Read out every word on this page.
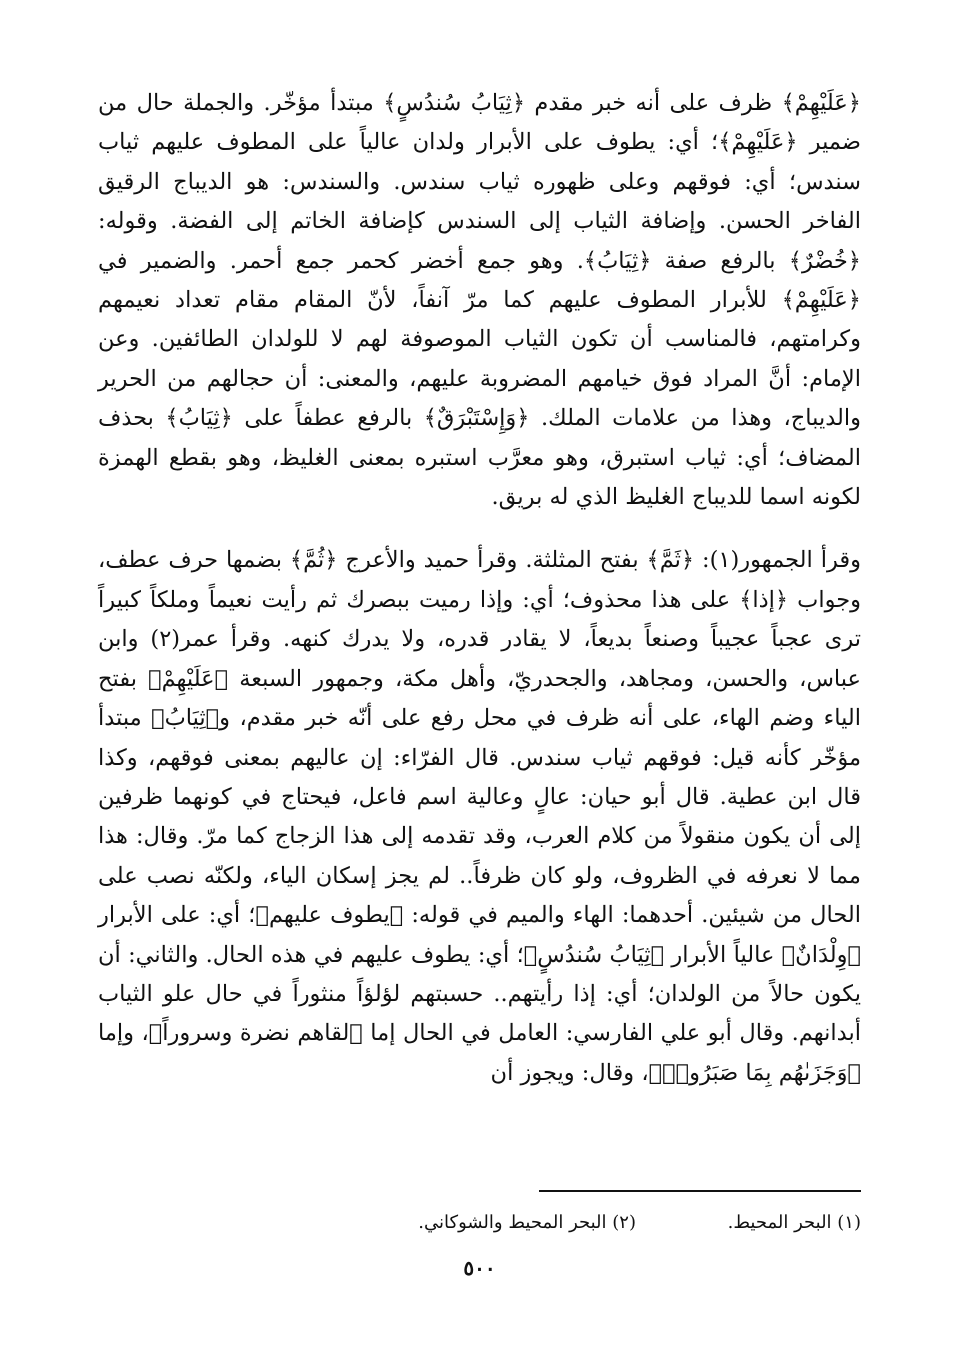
﴿عَلَيْهِمْ﴾ ظرف على أنه خبر مقدم ﴿ثِيَابُ سُندُسٍ﴾ مبتدأ مؤخّر. والجملة حال من ضمير ﴿عَلَيْهِمْ﴾؛ أي: يطوف على الأبرار ولدان عالياً على المطوف عليهم ثياب سندس؛ أي: فوقهم وعلى ظهوره ثياب سندس. والسندس: هو الديباج الرقيق الفاخر الحسن. وإضافة الثياب إلى السندس كإضافة الخاتم إلى الفضة. وقوله: ﴿خُضْرٌ﴾ بالرفع صفة ﴿ثِيَابُ﴾. وهو جمع أخضر كحمر جمع أحمر. والضمير في ﴿عَلَيْهِمْ﴾ للأبرار المطوف عليهم كما مرّ آنفاً، لأنّ المقام مقام تعداد نعيمهم وكرامتهم، فالمناسب أن تكون الثياب الموصوفة لهم لا للولدان الطائفين. وعن الإمام: أنَّ المراد فوق خيامهم المضروبة عليهم، والمعنى: أن حجالهم من الحرير والديباج، وهذا من علامات الملك. ﴿وَإِسْتَبْرَقٌ﴾ بالرفع عطفاً على ﴿ثِيَابُ﴾ بحذف المضاف؛ أي: ثياب استبرق، وهو معرَّب استبره بمعنى الغليظ، وهو بقطع الهمزة لكونه اسما للديباج الغليظ الذي له بريق.

وقرأ الجمهور(١): ﴿ثَمَّ﴾ بفتح المثلثة. وقرأ حميد والأعرج ﴿ثُمَّ﴾ بضمها حرف عطف، وجواب ﴿إذا﴾ على هذا محذوف؛ أي: وإذا رميت ببصرك ثم رأيت نعيماً وملكاً كبيراً ترى عجباً عجيباً وصنعاً بديعاً، لا يقادر قدره، ولا يدرك كنهه. وقرأ عمر(٢) وابن عباس، والحسن، ومجاهد، والجحدريّ، وأهل مكة، وجمهور السبعة ﴿عَلَيْهِمْ﴾ بفتح الياء وضم الهاء، على أنه ظرف في محل رفع على أنّه خبر مقدم، و﴿ثِيَابُ﴾ مبتدأ مؤخّر كأنه قيل: فوقهم ثياب سندس. قال الفرّاء: إن عاليهم بمعنى فوقهم، وكذا قال ابن عطية. قال أبو حيان: عالٍ وعالية اسم فاعل، فيحتاج في كونهما ظرفين إلى أن يكون منقولاً من كلام العرب، وقد تقدمه إلى هذا الزجاج كما مرّ. وقال: هذا مما لا نعرفه في الظروف، ولو كان ظرفاً.. لم يجز إسكان الياء، ولكنّه نصب على الحال من شيئين. أحدهما: الهاء والميم في قوله: ﴿يطوف عليهم﴾؛ أي: على الأبرار ﴿وِلْدَانٌ﴾ عالياً الأبرار ﴿ثِيَابُ سُندُسٍ﴾؛ أي: يطوف عليهم في هذه الحال. والثاني: أن يكون حالاً من الولدان؛ أي: إذا رأيتهم.. حسبتهم لؤلؤاً منثوراً في حال علو الثياب أبدانهم. وقال أبو علي الفارسي: العامل في الحال إما ﴿لقاهم نضرة وسروراً﴾، وإما ﴿وَجَزَىٰهُم بِمَا صَبَرُوا۟﴾، وقال: ويجوز أن

(١) البحر المحيط.
(٢) البحر المحيط والشوكاني.
٥٠٠
